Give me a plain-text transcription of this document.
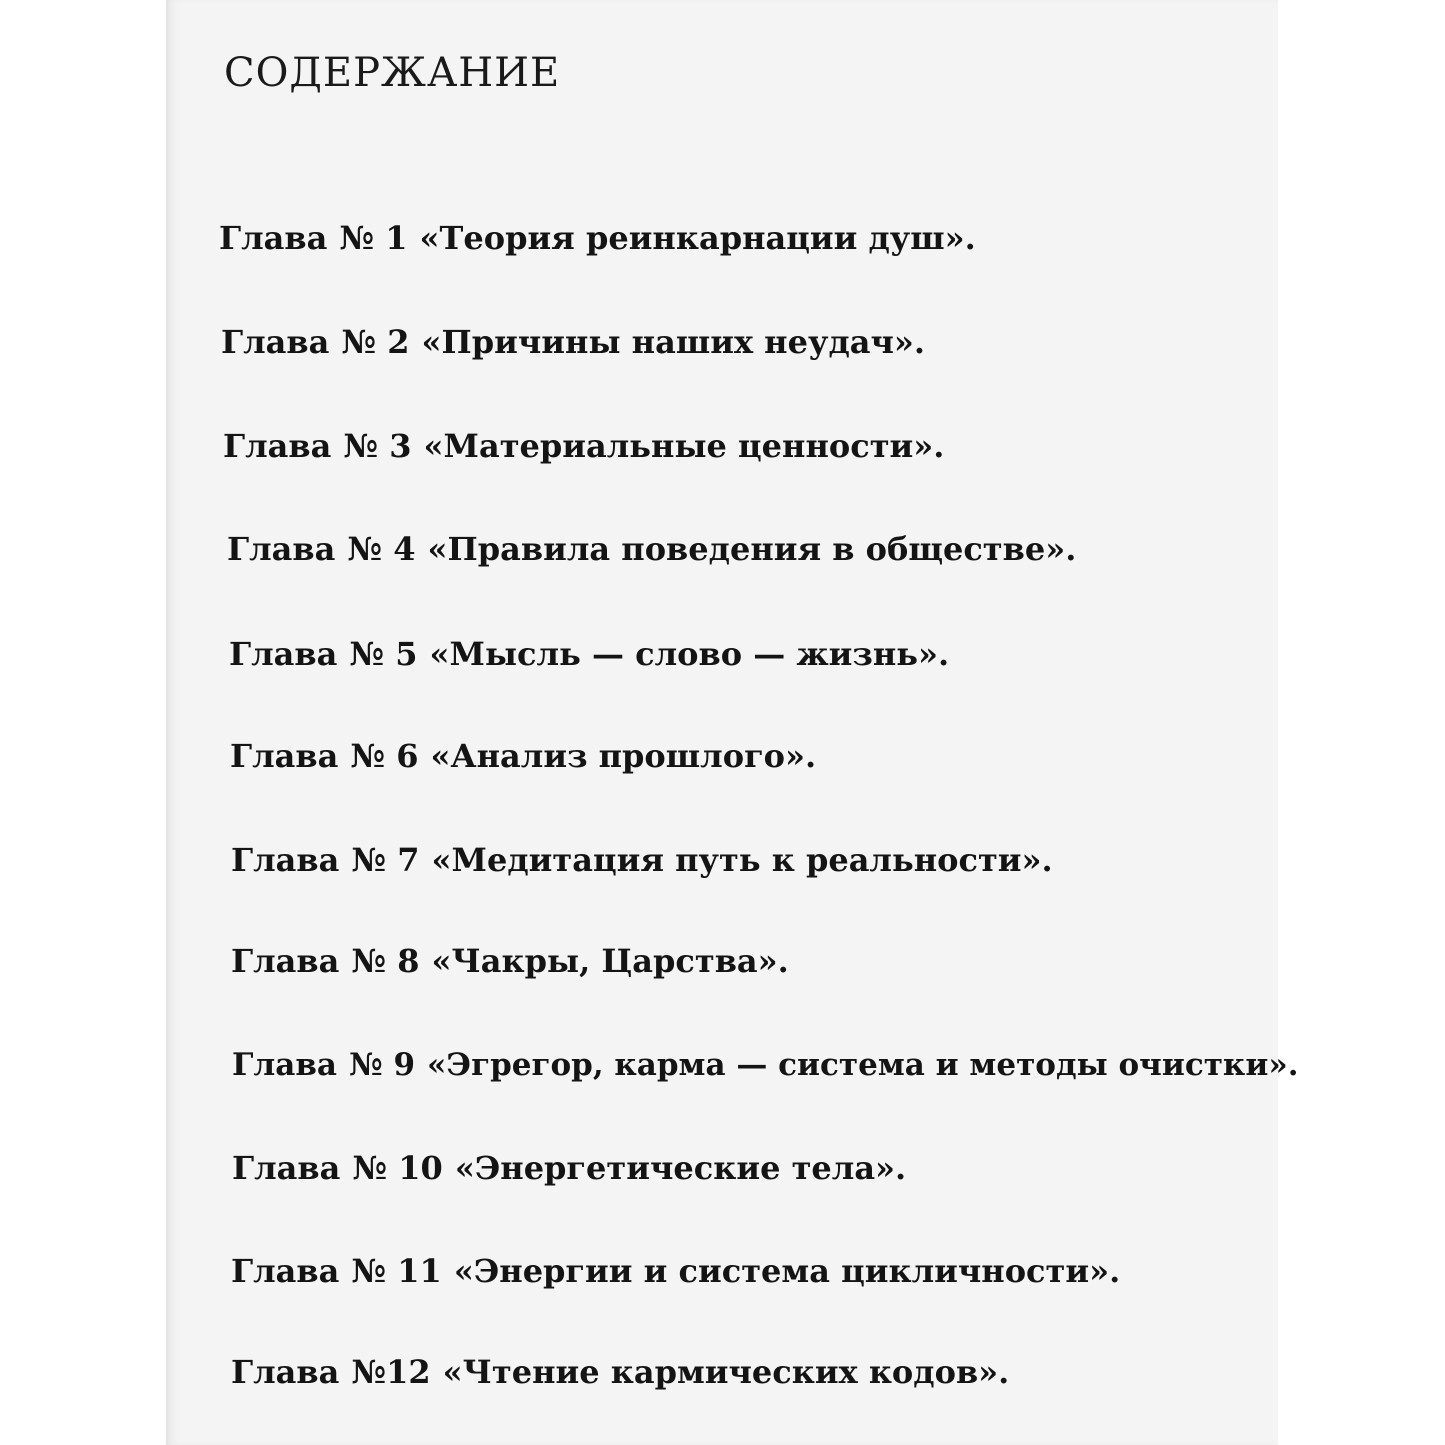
СОДЕРЖАНИЕ
Глава № 1 «Теория реинкарнации душ».
Глава № 2 «Причины наших неудач».
Глава № 3 «Материальные ценности».
Глава № 4 «Правила поведения в обществе».
Глава № 5 «Мысль — слово — жизнь».
Глава № 6 «Анализ прошлого».
Глава № 7 «Медитация путь к реальности».
Глава № 8 «Чакры, Царства».
Глава № 9 «Эгрегор, карма — система и методы очистки».
Глава № 10 «Энергетические тела».
Глава № 11 «Энергии и система цикличности».
Глава №12 «Чтение кармических кодов».
